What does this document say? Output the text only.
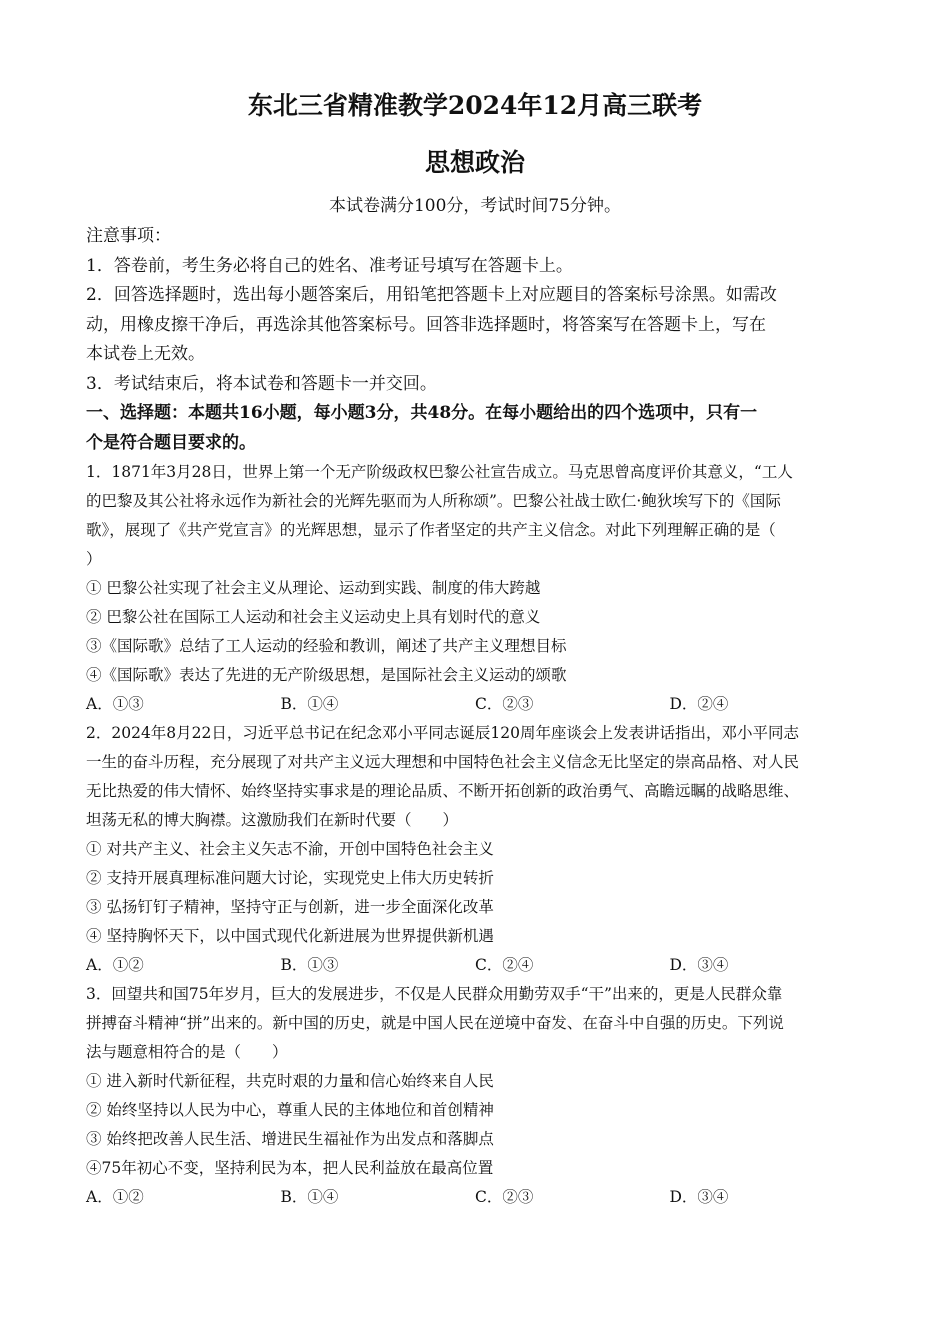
东北三省精准教学2024年12月高三联考
思想政治
本试卷满分100分，考试时间75分钟。
注意事项：
1．答卷前，考生务必将自己的姓名、准考证号填写在答题卡上。
2．回答选择题时，选出每小题答案后，用铅笔把答题卡上对应题目的答案标号涂黑。如需改
动，用橡皮擦干净后，再选涂其他答案标号。回答非选择题时，将答案写在答题卡上，写在
本试卷上无效。
3．考试结束后，将本试卷和答题卡一并交回。
一、选择题：本题共16小题，每小题3分，共48分。在每小题给出的四个选项中，只有一
个是符合题目要求的。
1．1871年3月28日，世界上第一个无产阶级政权巴黎公社宣告成立。马克思曾高度评价其意义，“工人
的巴黎及其公社将永远作为新社会的光辉先驱而为人所称颂”。巴黎公社战士欧仁·鲍狄埃写下的《国际
歌》，展现了《共产党宣言》的光辉思想，显示了作者坚定的共产主义信念。对此下列理解正确的是（
）
① 巴黎公社实现了社会主义从理论、运动到实践、制度的伟大跨越
② 巴黎公社在国际工人运动和社会主义运动史上具有划时代的意义
③《国际歌》总结了工人运动的经验和教训，阐述了共产主义理想目标
④《国际歌》表达了先进的无产阶级思想，是国际社会主义运动的颂歌
A．①③	B．①④	C．②③	D．②④
2．2024年8月22日，习近平总书记在纪念邓小平同志诞辰120周年座谈会上发表讲话指出，邓小平同志
一生的奋斗历程，充分展现了对共产主义远大理想和中国特色社会主义信念无比坚定的崇高品格、对人民
无比热爱的伟大情怀、始终坚持实事求是的理论品质、不断开拓创新的政治勇气、高瞻远瞩的战略思维、
坦荡无私的博大胸襟。这激励我们在新时代要（　　）
① 对共产主义、社会主义矢志不渝，开创中国特色社会主义
② 支持开展真理标准问题大讨论，实现党史上伟大历史转折
③ 弘扬钉钉子精神，坚持守正与创新，进一步全面深化改革
④ 坚持胸怀天下，以中国式现代化新进展为世界提供新机遇
A．①②	B．①③	C．②④	D．③④
3．回望共和国75年岁月，巨大的发展进步，不仅是人民群众用勤劳双手“干”出来的，更是人民群众靠
拼搏奋斗精神“拼”出来的。新中国的历史，就是中国人民在逆境中奋发、在奋斗中自强的历史。下列说
法与题意相符合的是（　　）
① 进入新时代新征程，共克时艰的力量和信心始终来自人民
② 始终坚持以人民为中心，尊重人民的主体地位和首创精神
③ 始终把改善人民生活、增进民生福祉作为出发点和落脚点
④75年初心不变，坚持利民为本，把人民利益放在最高位置
A．①②	B．①④	C．②③	D．③④
